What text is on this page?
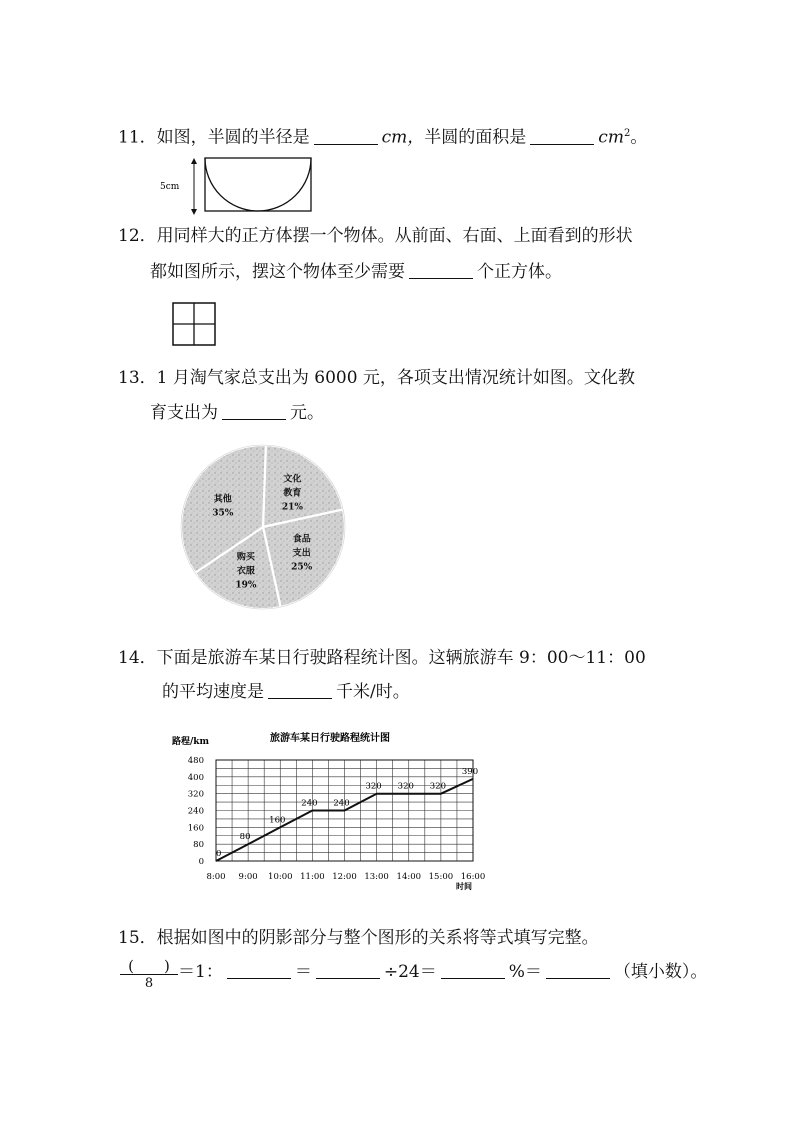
11．如图，半圆的半径是	cm，半圆的面积是	$cm^2$。
5cm
12．用同样大的正方体摆一个物体。从前面、右面、上面看到的形状
都如图所示，摆这个物体至少需要	个正方体。
13．1 月淘气家总支出为 6000 元，各项支出情况统计如图。文化教
育支出为	元。
文化
教育
21%
食品
支出
25%
购买
衣服
19%
其他
35%
14．下面是旅游车某日行驶路程统计图。这辆旅游车 9：00～11：00
的平均速度是	千米/时。
路程/km	旅游车某日行驶路程统计图
时间
0
80
160
240
320
400
480
8:00 9:00 10:00 11:00 12:00 13:00 14:00 15:00 16:00
0
80
160
240 240
320 320 320
390
15．根据如图中的阴影部分与整个图形的关系将等式填写完整。
(　　)
8
＝1：	＝	÷24＝	%＝	（填小数）。
